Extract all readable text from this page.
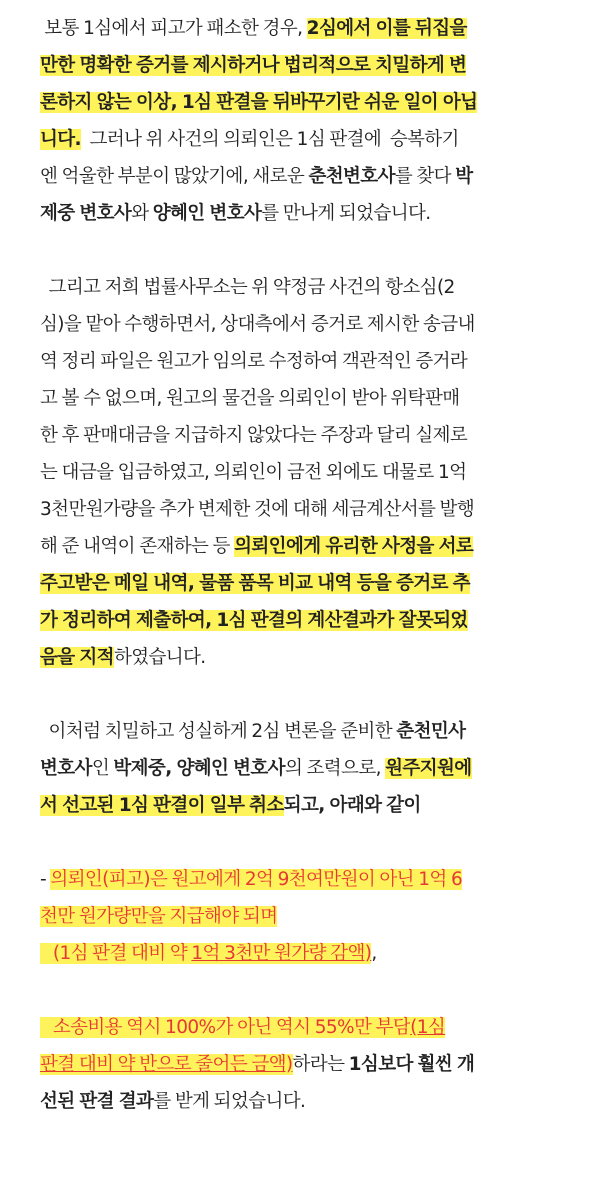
보통 1심에서 피고가 패소한 경우, 2심에서 이를 뒤집을
만한 명확한 증거를 제시하거나 법리적으로 치밀하게 변
론하지 않는 이상, 1심 판결을 뒤바꾸기란 쉬운 일이 아닙
니다.  그러나 위 사건의 의뢰인은 1심 판결에  승복하기
엔 억울한 부분이 많았기에, 새로운 춘천변호사를 찾다 박
제중 변호사와 양혜인 변호사를 만나게 되었습니다.

그리고 저희 법률사무소는 위 약정금 사건의 항소심(2
심)을 맡아 수행하면서, 상대측에서 증거로 제시한 송금내
역 정리 파일은 원고가 임의로 수정하여 객관적인 증거라
고 볼 수 없으며, 원고의 물건을 의뢰인이 받아 위탁판매
한 후 판매대금을 지급하지 않았다는 주장과 달리 실제로
는 대금을 입금하였고, 의뢰인이 금전 외에도 대물로 1억
3천만원가량을 추가 변제한 것에 대해 세금계산서를 발행
해 준 내역이 존재하는 등 의뢰인에게 유리한 사정을 서로
주고받은 메일 내역, 물품 품목 비교 내역 등을 증거로 추
가 정리하여 제출하여, 1심 판결의 계산결과가 잘못되었
음을 지적하였습니다.

이처럼 치밀하고 성실하게 2심 변론을 준비한 춘천민사
변호사인 박제중, 양혜인 변호사의 조력으로, 원주지원에
서 선고된 1심 판결이 일부 취소되고, 아래와 같이

- 의뢰인(피고)은 원고에게 2억 9천여만원이 아닌 1억 6
천만 원가량만을 지급해야 되며
(1심 판결 대비 약 1억 3천만 원가량 감액),

소송비용 역시 100%가 아닌 역시 55%만 부담(1심
판결 대비 약 반으로 줄어든 금액)하라는 1심보다 훨씬 개
선된 판결 결과를 받게 되었습니다.
